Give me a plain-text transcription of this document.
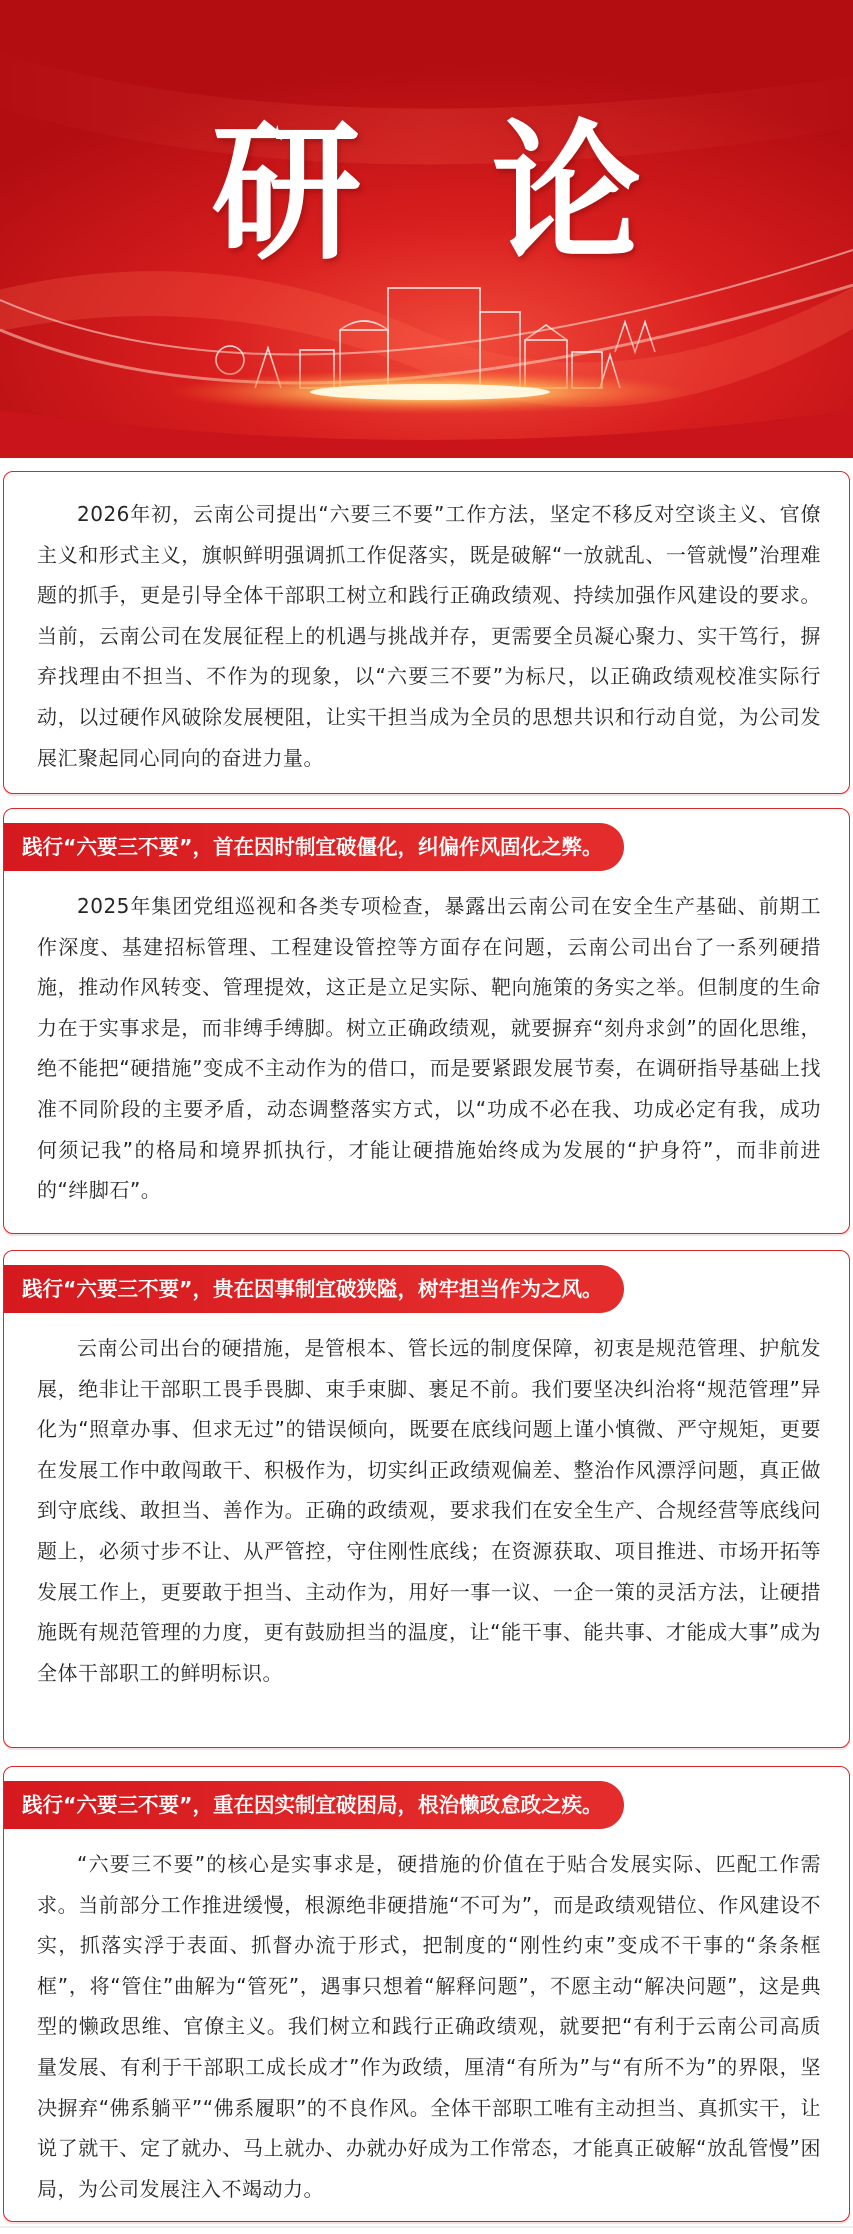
研论

2026年初，云南公司提出“六要三不要”工作方法，坚定不移反对空谈主义、官僚主义和形式主义，旗帜鲜明强调抓工作促落实，既是破解“一放就乱、一管就慢”治理难题的抓手，更是引导全体干部职工树立和践行正确政绩观、持续加强作风建设的要求。当前，云南公司在发展征程上的机遇与挑战并存，更需要全员凝心聚力、实干笃行，摒弃找理由不担当、不作为的现象，以“六要三不要”为标尺，以正确政绩观校准实际行动，以过硬作风破除发展梗阻，让实干担当成为全员的思想共识和行动自觉，为公司发展汇聚起同心同向的奋进力量。

践行“六要三不要”，首在因时制宜破僵化，纠偏作风固化之弊。

2025年集团党组巡视和各类专项检查，暴露出云南公司在安全生产基础、前期工作深度、基建招标管理、工程建设管控等方面存在问题，云南公司出台了一系列硬措施，推动作风转变、管理提效，这正是立足实际、靶向施策的务实之举。但制度的生命力在于实事求是，而非缚手缚脚。树立正确政绩观，就要摒弃“刻舟求剑”的固化思维，绝不能把“硬措施”变成不主动作为的借口，而是要紧跟发展节奏，在调研指导基础上找准不同阶段的主要矛盾，动态调整落实方式，以“功成不必在我、功成必定有我，成功何须记我”的格局和境界抓执行，才能让硬措施始终成为发展的“护身符”，而非前进的“绊脚石”。

践行“六要三不要”，贵在因事制宜破狭隘，树牢担当作为之风。

云南公司出台的硬措施，是管根本、管长远的制度保障，初衷是规范管理、护航发展，绝非让干部职工畏手畏脚、束手束脚、裹足不前。我们要坚决纠治将“规范管理”异化为“照章办事、但求无过”的错误倾向，既要在底线问题上谨小慎微、严守规矩，更要在发展工作中敢闯敢干、积极作为，切实纠正政绩观偏差、整治作风漂浮问题，真正做到守底线、敢担当、善作为。正确的政绩观，要求我们在安全生产、合规经营等底线问题上，必须寸步不让、从严管控，守住刚性底线；在资源获取、项目推进、市场开拓等发展工作上，更要敢于担当、主动作为，用好一事一议、一企一策的灵活方法，让硬措施既有规范管理的力度，更有鼓励担当的温度，让“能干事、能共事、才能成大事”成为全体干部职工的鲜明标识。

践行“六要三不要”，重在因实制宜破困局，根治懒政怠政之疾。

“六要三不要”的核心是实事求是，硬措施的价值在于贴合发展实际、匹配工作需求。当前部分工作推进缓慢，根源绝非硬措施“不可为”，而是政绩观错位、作风建设不实，抓落实浮于表面、抓督办流于形式，把制度的“刚性约束”变成不干事的“条条框框”，将“管住”曲解为“管死”，遇事只想着“解释问题”，不愿主动“解决问题”，这是典型的懒政思维、官僚主义。我们树立和践行正确政绩观，就要把“有利于云南公司高质量发展、有利于干部职工成长成才”作为政绩，厘清“有所为”与“有所不为”的界限，坚决摒弃“佛系躺平”“佛系履职”的不良作风。全体干部职工唯有主动担当、真抓实干，让说了就干、定了就办、马上就办、办就办好成为工作常态，才能真正破解“放乱管慢”困局，为公司发展注入不竭动力。
